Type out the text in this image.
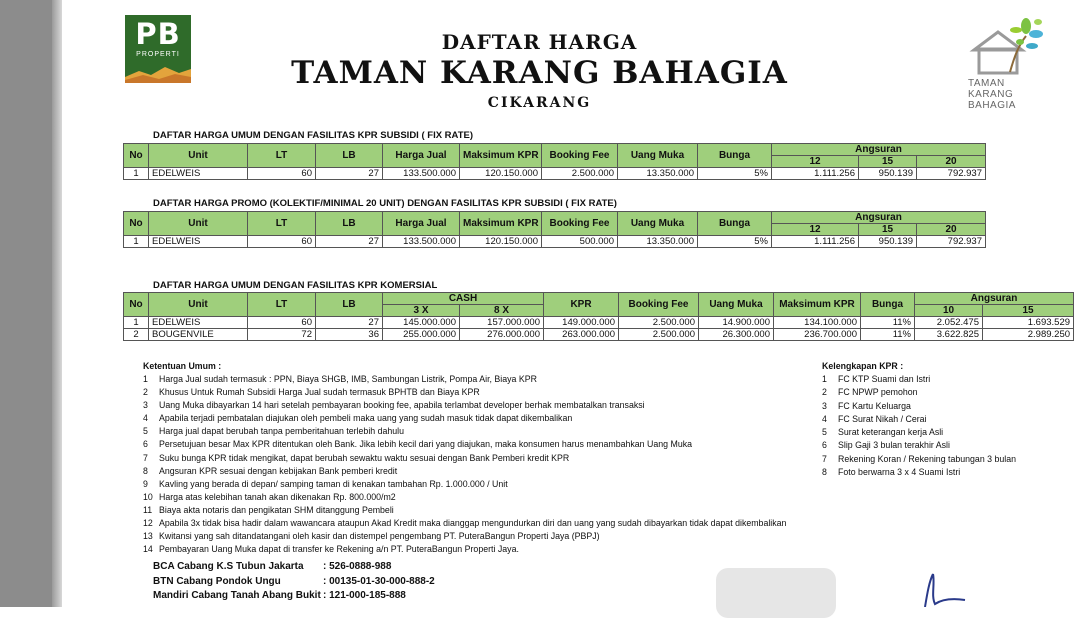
PB
PROPERTI
TAMAN
KARANG
BAHAGIA
DAFTAR HARGA
TAMAN KARANG BAHAGIA
CIKARANG
DAFTAR HARGA UMUM DENGAN FASILITAS KPR SUBSIDI ( FIX RATE)
No	Unit	LT	LB	Harga Jual	Maksimum KPR	Booking Fee	Uang Muka	Bunga	Angsuran		
									12	15	20
1	EDELWEIS	60	27	133.500.000	120.150.000	2.500.000	13.350.000	5%	1.111.256	950.139	792.937
DAFTAR HARGA PROMO (KOLEKTIF/MINIMAL 20 UNIT) DENGAN FASILITAS KPR SUBSIDI ( FIX RATE)
No	Unit	LT	LB	Harga Jual	Maksimum KPR	Booking Fee	Uang Muka	Bunga	Angsuran		
									12	15	20
1	EDELWEIS	60	27	133.500.000	120.150.000	500.000	13.350.000	5%	1.111.256	950.139	792.937
DAFTAR HARGA UMUM DENGAN FASILITAS KPR KOMERSIAL
No	Unit	LT	LB	CASH		KPR	Booking Fee	Uang Muka	Maksimum KPR	Bunga	Angsuran	
				3 X	8 X						10	15
1	EDELWEIS	60	27	145.000.000	157.000.000	149.000.000	2.500.000	14.900.000	134.100.000	11%	2.052.475	1.693.529
2	BOUGENVILE	72	36	255.000.000	276.000.000	263.000.000	2.500.000	26.300.000	236.700.000	11%	3.622.825	2.989.250
Ketentuan Umum :
1 Harga Jual sudah termasuk : PPN, Biaya SHGB, IMB, Sambungan Listrik, Pompa Air, Biaya KPR
2 Khusus Untuk Rumah Subsidi Harga Jual sudah termasuk BPHTB dan Biaya KPR
3 Uang Muka dibayarkan 14 hari setelah pembayaran booking fee, apabila terlambat developer berhak membatalkan transaksi
4 Apabila terjadi pembatalan diajukan oleh pembeli maka uang yang sudah masuk tidak dapat dikembalikan
5 Harga jual dapat berubah tanpa pemberitahuan terlebih dahulu
6 Persetujuan besar Max KPR ditentukan oleh Bank. Jika lebih kecil dari yang diajukan, maka konsumen harus menambahkan Uang Muka
7 Suku bunga KPR tidak mengikat, dapat berubah sewaktu waktu sesuai dengan Bank Pemberi kredit KPR
8 Angsuran KPR sesuai dengan kebijakan Bank pemberi kredit
9 Kavling yang berada di depan/ samping taman di kenakan tambahan Rp. 1.000.000 / Unit
10 Harga atas kelebihan tanah akan dikenakan Rp. 800.000/m2
11 Biaya akta notaris dan pengikatan SHM ditanggung Pembeli
12 Apabila 3x tidak bisa hadir dalam wawancara ataupun Akad Kredit maka dianggap mengundurkan diri dan uang yang sudah dibayarkan tidak dapat dikembalikan
13 Kwitansi yang sah ditandatangani oleh kasir dan distempel pengembang PT. PuteraBangun Properti Jaya (PBPJ)
14 Pembayaran Uang Muka dapat di transfer ke Rekening a/n PT. PuteraBangun Properti Jaya.
BCA Cabang K.S Tubun Jakarta : 526-0888-988
BTN Cabang Pondok Ungu	: 00135-01-30-000-888-2
Mandiri Cabang Tanah Abang Bukit : 121-000-185-888
Kelengkapan KPR :
1 FC KTP Suami dan Istri
2 FC NPWP pemohon
3 FC Kartu Keluarga
4 FC Surat Nikah / Cerai
5 Surat keterangan kerja Asli
6 Slip Gaji 3 bulan terakhir Asli
7 Rekening Koran / Rekening tabungan 3 bulan
8 Foto berwarna 3 x 4 Suami Istri
